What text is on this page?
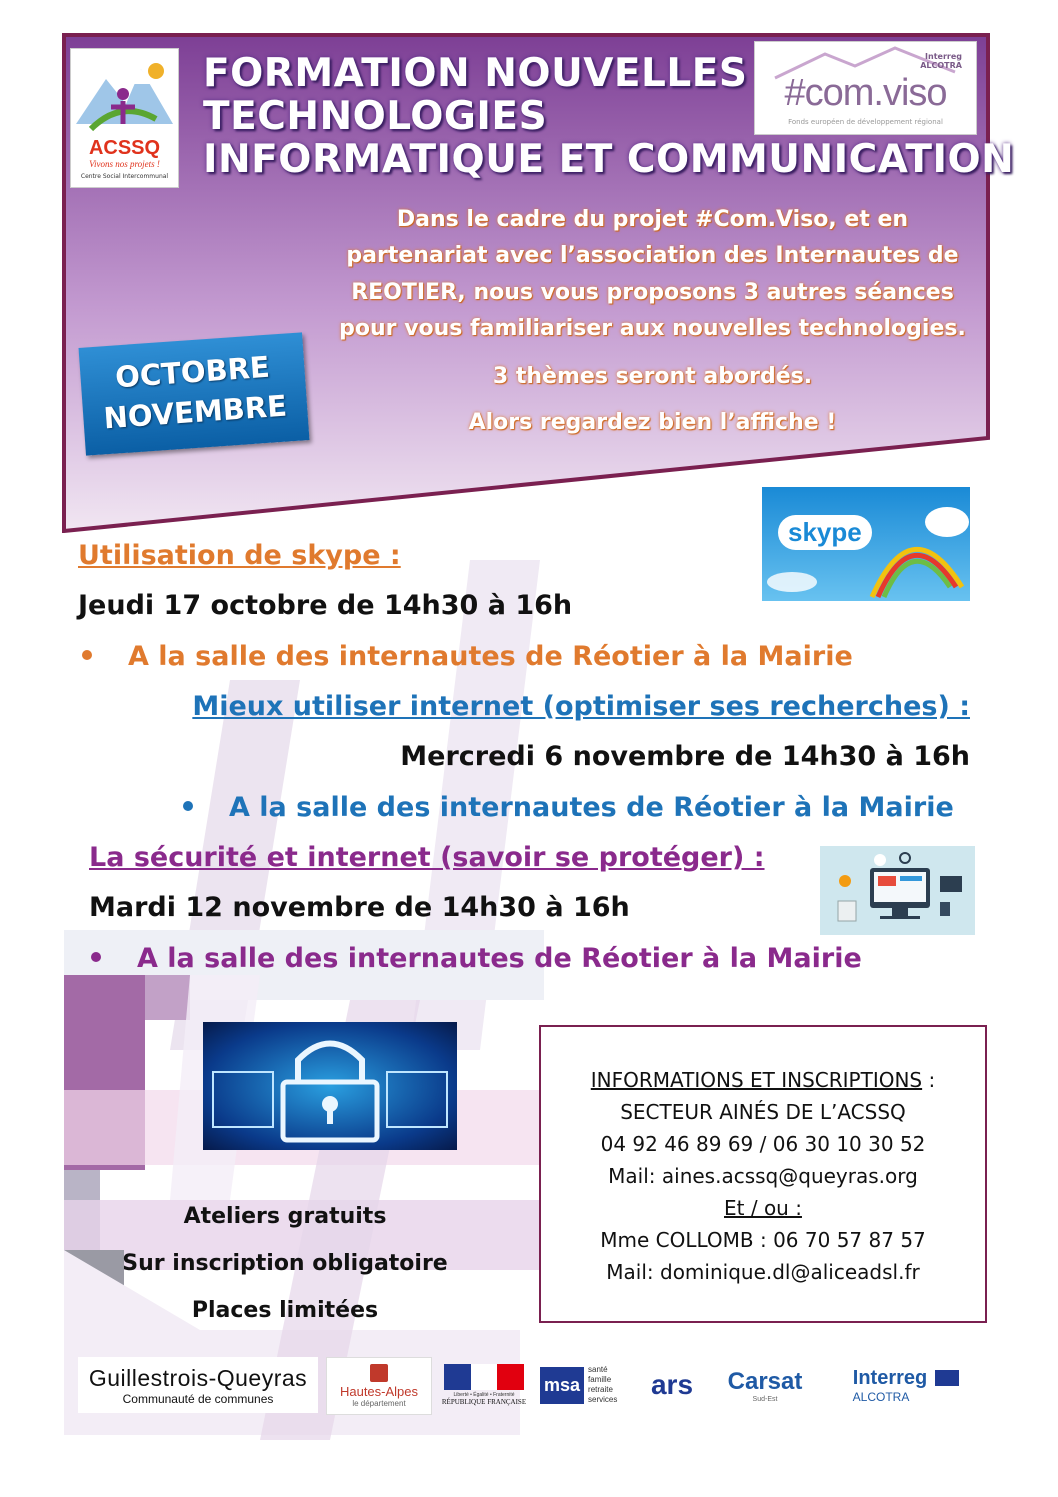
ACSSQ
Vivons nos projets !
Centre Social Intercommunal
FORMATION NOUVELLES
TECHNOLOGIES
INFORMATIQUE ET COMMUNICATION
Interreg ALCOTRA
#com.viso
Fonds européen de développement régional
Dans le cadre du projet #Com.Viso, et en
partenariat avec l’association des Internautes de
REOTIER, nous vous proposons 3 autres séances
pour vous familiariser aux nouvelles technologies.
3 thèmes seront abordés.
Alors regardez bien l’affiche !
OCTOBRE
NOVEMBRE
skype
Utilisation de skype :
Jeudi 17 octobre de 14h30 à 16h
A la salle des internautes de Réotier à la Mairie
Mieux utiliser internet (optimiser ses recherches) :
Mercredi 6 novembre de 14h30 à 16h
A la salle des internautes de Réotier à la Mairie
La sécurité et internet (savoir se protéger) :
Mardi 12 novembre de 14h30 à 16h
A la salle des internautes de Réotier à la Mairie
Ateliers gratuits
Sur inscription obligatoire
Places limitées
INFORMATIONS ET INSCRIPTIONS :
SECTEUR AINÉS DE L’ACSSQ
04 92 46 89 69 / 06 30 10 30 52
Mail: aines.acssq@queyras.org
Et / ou :
Mme COLLOMB : 06 70 57 87 57
Mail: dominique.dl@aliceadsl.fr
Guillestrois-Queyras
Communauté de communes	Hautes-Alpes
le département
Liberté • Égalité • Fraternité
RÉPUBLIQUE FRANÇAISE
msa
santé famille retraite services	ars Carsat
Sud-Est
Interreg
ALCOTRA
